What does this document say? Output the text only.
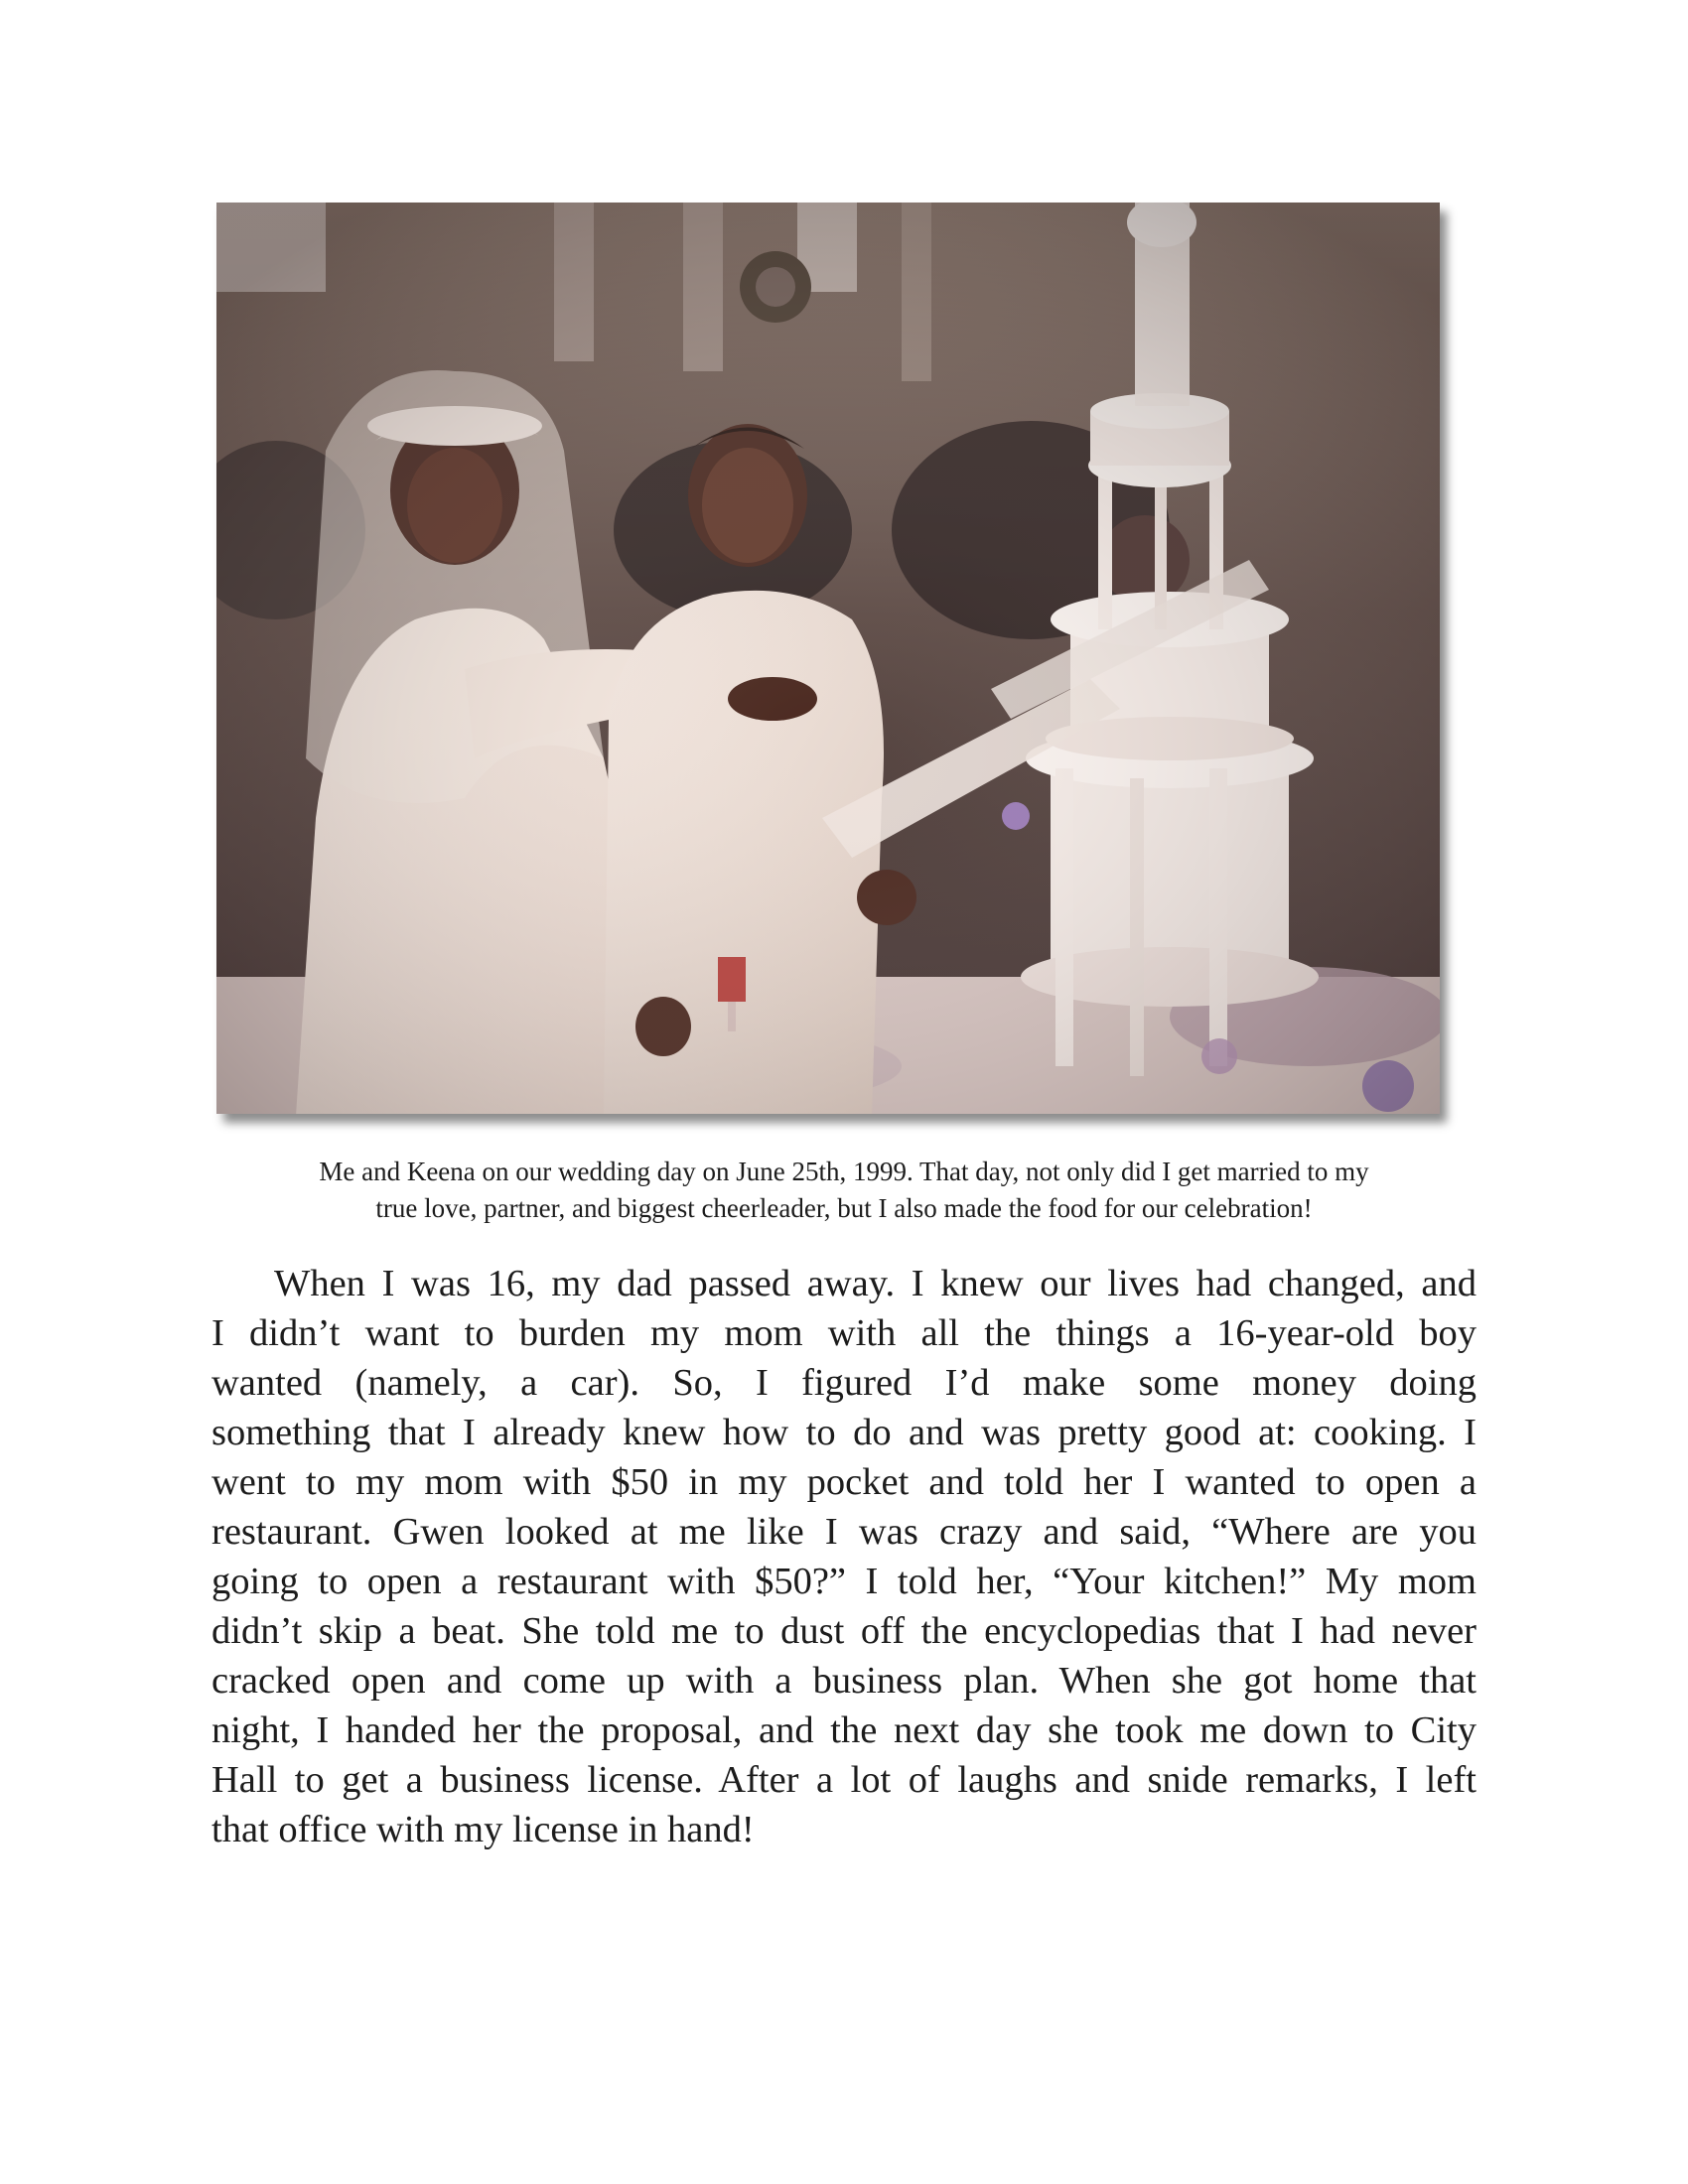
Me and Keena on our wedding day on June 25th, 1999. That day, not only did I get married to my
true love, partner, and biggest cheerleader, but I also made the food for our celebration!
When I was 16, my dad passed away. I knew our lives had changed, and
I didn’t want to burden my mom with all the things a 16-year-old boy
wanted (namely, a car). So, I figured I’d make some money doing
something that I already knew how to do and was pretty good at: cooking. I
went to my mom with $50 in my pocket and told her I wanted to open a
restaurant. Gwen looked at me like I was crazy and said, “Where are you
going to open a restaurant with $50?” I told her, “Your kitchen!” My mom
didn’t skip a beat. She told me to dust off the encyclopedias that I had never
cracked open and come up with a business plan. When she got home that
night, I handed her the proposal, and the next day she took me down to City
Hall to get a business license. After a lot of laughs and snide remarks, I left
that office with my license in hand!
